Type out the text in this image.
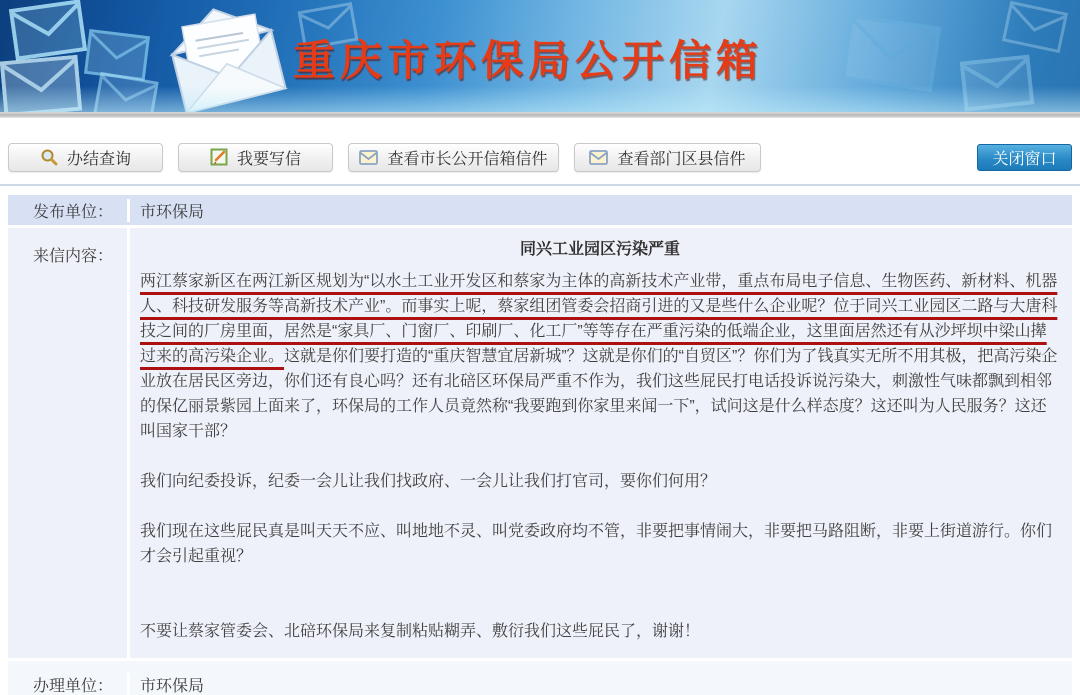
重庆市环保局公开信箱
办结查询	我要写信	查看市长公开信箱信件	查看部门区县信件	关闭窗口
发布单位：	市环保局
来信内容：	同兴工业园区污染严重

两江蔡家新区在两江新区规划为“以水土工业开发区和蔡家为主体的高新技术产业带，重点布局电子信息、生物医药、新材料、机器人、科技研发服务等高新技术产业”。而事实上呢，蔡家组团管委会招商引进的又是些什么企业呢？位于同兴工业园区二路与大唐科技之间的厂房里面，居然是“家具厂、门窗厂、印刷厂、化工厂”等等存在严重污染的低端企业，这里面居然还有从沙坪坝中梁山撵过来的高污染企业。这就是你们要打造的“重庆智慧宜居新城”？这就是你们的“自贸区”？你们为了钱真实无所不用其极，把高污染企业放在居民区旁边，你们还有良心吗？还有北碚区环保局严重不作为，我们这些屁民打电话投诉说污染大，刺激性气味都飘到相邻的保亿丽景紫园上面来了，环保局的工作人员竟然称“我要跑到你家里来闻一下”，试问这是什么样态度？这还叫为人民服务？这还叫国家干部？

我们向纪委投诉，纪委一会儿让我们找政府、一会儿让我们打官司，要你们何用？

我们现在这些屁民真是叫天天不应、叫地地不灵、叫党委政府均不管，非要把事情闹大，非要把马路阻断，非要上街道游行。你们才会引起重视？

不要让蔡家管委会、北碚环保局来复制粘贴糊弄、敷衍我们这些屁民了，谢谢！

办理单位：	市环保局
